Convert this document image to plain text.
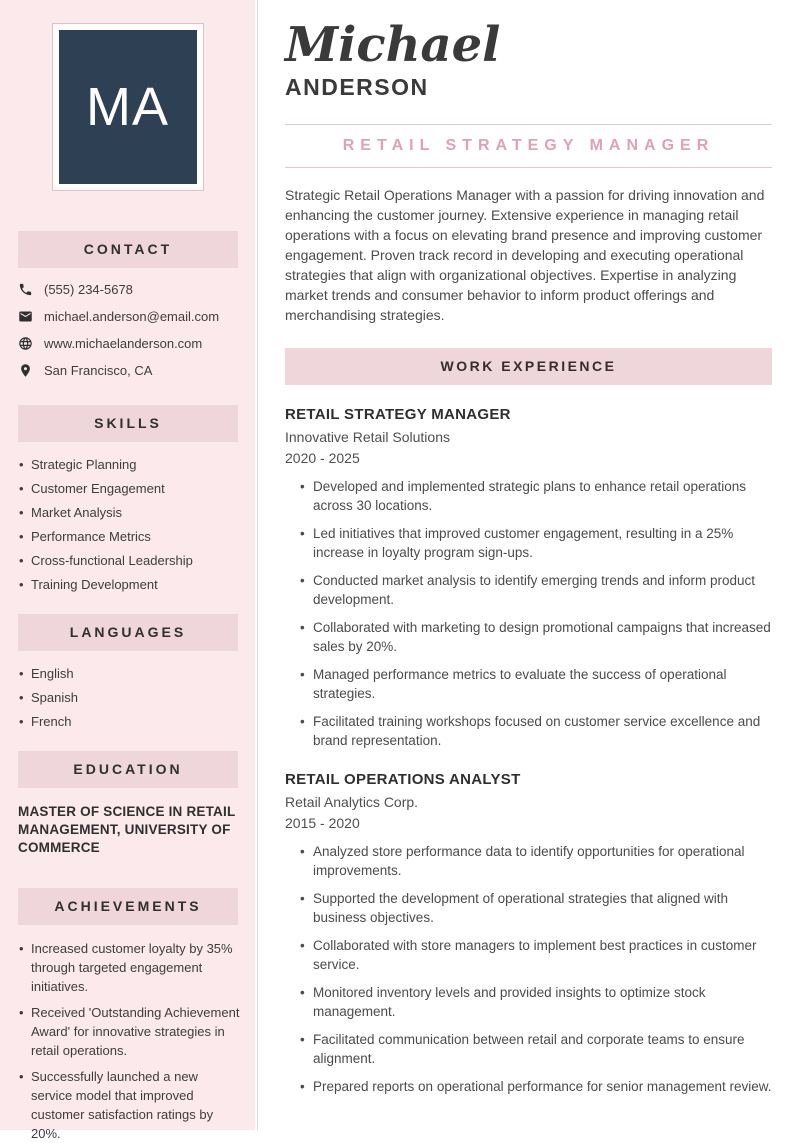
MA
CONTACT
(555) 234-5678
michael.anderson@email.com
www.michaelanderson.com
San Francisco, CA
SKILLS
• Strategic Planning
• Customer Engagement
• Market Analysis
• Performance Metrics
• Cross-functional Leadership
• Training Development
LANGUAGES
• English
• Spanish
• French
EDUCATION
MASTER OF SCIENCE IN RETAIL MANAGEMENT, UNIVERSITY OF COMMERCE
ACHIEVEMENTS
• Increased customer loyalty by 35% through targeted engagement initiatives.
• Received 'Outstanding Achievement Award' for innovative strategies in retail operations.
• Successfully launched a new service model that improved customer satisfaction ratings by 20%.
Michael
ANDERSON
RETAIL STRATEGY MANAGER

Strategic Retail Operations Manager with a passion for driving innovation and enhancing the customer journey. Extensive experience in managing retail operations with a focus on elevating brand presence and improving customer engagement. Proven track record in developing and executing operational strategies that align with organizational objectives. Expertise in analyzing market trends and consumer behavior to inform product offerings and merchandising strategies.

WORK EXPERIENCE
RETAIL STRATEGY MANAGER
Innovative Retail Solutions
2020 - 2025
• Developed and implemented strategic plans to enhance retail operations across 30 locations.
• Led initiatives that improved customer engagement, resulting in a 25% increase in loyalty program sign-ups.
• Conducted market analysis to identify emerging trends and inform product development.
• Collaborated with marketing to design promotional campaigns that increased sales by 20%.
• Managed performance metrics to evaluate the success of operational strategies.
• Facilitated training workshops focused on customer service excellence and brand representation.
RETAIL OPERATIONS ANALYST
Retail Analytics Corp.
2015 - 2020
• Analyzed store performance data to identify opportunities for operational improvements.
• Supported the development of operational strategies that aligned with business objectives.
• Collaborated with store managers to implement best practices in customer service.
• Monitored inventory levels and provided insights to optimize stock management.
• Facilitated communication between retail and corporate teams to ensure alignment.
• Prepared reports on operational performance for senior management review.
